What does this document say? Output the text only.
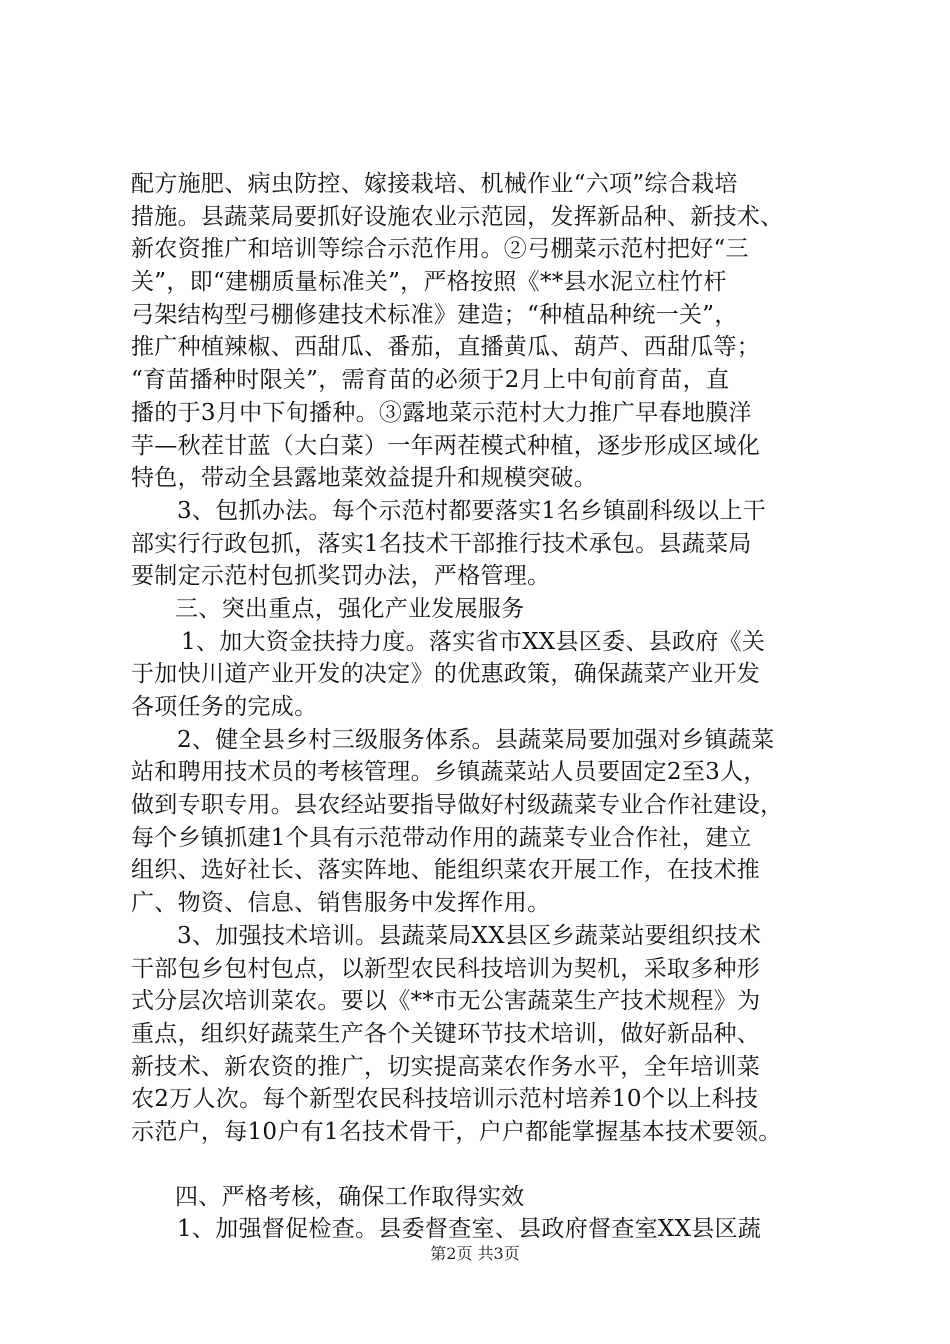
配方施肥、病虫防控、嫁接栽培、机械作业“六项”综合栽培
措施。县蔬菜局要抓好设施农业示范园，发挥新品种、新技术、
新农资推广和培训等综合示范作用。②弓棚菜示范村把好“三
关”，即“建棚质量标准关”，严格按照《**县水泥立柱竹杆
弓架结构型弓棚修建技术标准》建造；“种植品种统一关”，
推广种植辣椒、西甜瓜、番茄，直播黄瓜、葫芦、西甜瓜等；
“育苗播种时限关”，需育苗的必须于2月上中旬前育苗，直
播的于3月中下旬播种。③露地菜示范村大力推广早春地膜洋
芋—秋茬甘蓝（大白菜）一年两茬模式种植，逐步形成区域化
特色，带动全县露地菜效益提升和规模突破。
3、包抓办法。每个示范村都要落实1名乡镇副科级以上干
部实行行政包抓，落实1名技术干部推行技术承包。县蔬菜局
要制定示范村包抓奖罚办法，严格管理。
三、突出重点，强化产业发展服务
1、加大资金扶持力度。落实省市XX县区委、县政府《关
于加快川道产业开发的决定》的优惠政策，确保蔬菜产业开发
各项任务的完成。
2、健全县乡村三级服务体系。县蔬菜局要加强对乡镇蔬菜
站和聘用技术员的考核管理。乡镇蔬菜站人员要固定2至3人，
做到专职专用。县农经站要指导做好村级蔬菜专业合作社建设，
每个乡镇抓建1个具有示范带动作用的蔬菜专业合作社，建立
组织、选好社长、落实阵地、能组织菜农开展工作，在技术推
广、物资、信息、销售服务中发挥作用。
3、加强技术培训。县蔬菜局XX县区乡蔬菜站要组织技术
干部包乡包村包点，以新型农民科技培训为契机，采取多种形
式分层次培训菜农。要以《**市无公害蔬菜生产技术规程》为
重点，组织好蔬菜生产各个关键环节技术培训，做好新品种、
新技术、新农资的推广，切实提高菜农作务水平，全年培训菜
农2万人次。每个新型农民科技培训示范村培养10个以上科技
示范户，每10户有1名技术骨干，户户都能掌握基本技术要领。
四、严格考核，确保工作取得实效
1、加强督促检查。县委督查室、县政府督查室XX县区蔬
第2页 共3页
